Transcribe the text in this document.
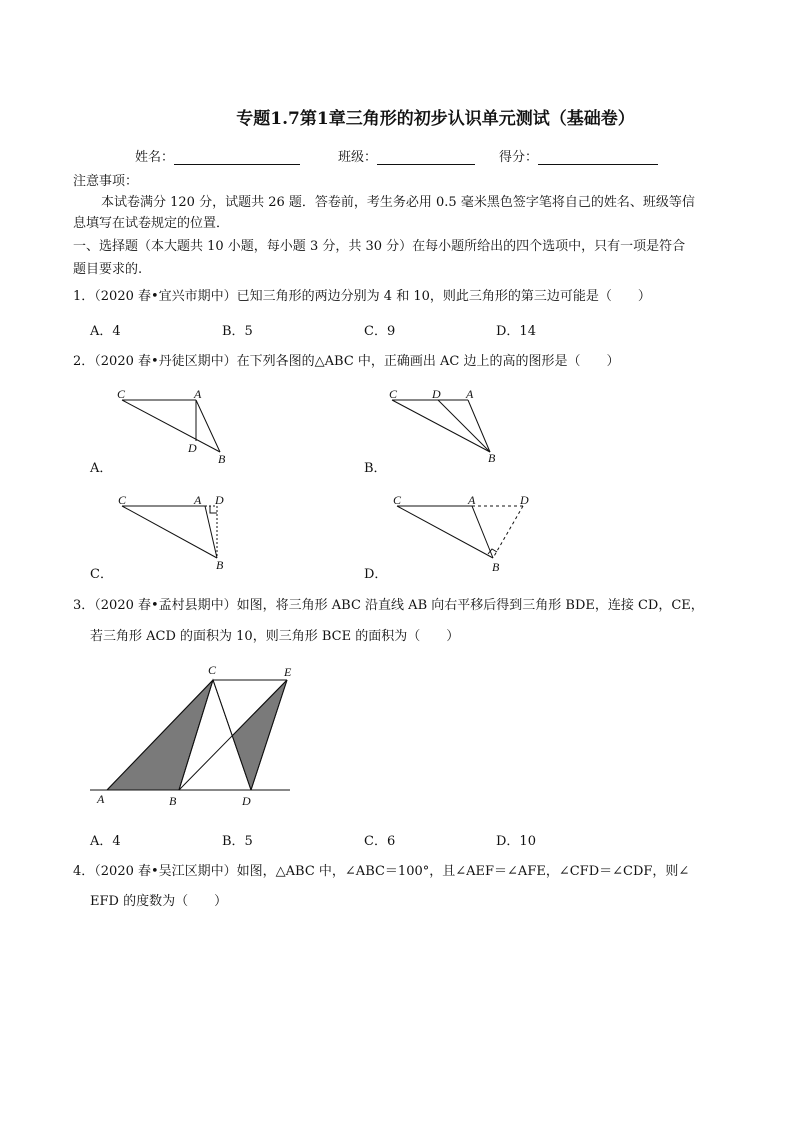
专题1.7第1章三角形的初步认识单元测试（基础卷）
姓名：	班级：	得分：
注意事项：
本试卷满分 120 分，试题共 26 题．答卷前，考生务必用 0.5 毫米黑色签字笔将自己的姓名、班级等信
息填写在试卷规定的位置．
一、选择题（本大题共 10 小题，每小题 3 分，共 30 分）在每小题所给出的四个选项中，只有一项是符合
题目要求的.
1．（2020 春•宜兴市期中）已知三角形的两边分别为 4 和 10，则此三角形的第三边可能是（　　）
A．4	B．5	C．9	D．14
2．（2020 春•丹徒区期中）在下列各图的△ABC 中，正确画出 AC 边上的高的图形是（　　）
C	A
D
B
A．
C	D A
B
B．
C	A D
B
C．
C	A	D
B
D．
3．（2020 春•孟村县期中）如图，将三角形 ABC 沿直线 AB 向右平移后得到三角形 BDE，连接 CD，CE，
若三角形 ACD 的面积为 10，则三角形 BCE 的面积为（　　）
C	E
A	B	D
A．4	B．5	C．6	D．10
4．（2020 春•吴江区期中）如图，△ABC 中，∠ABC＝100°，且∠AEF＝∠AFE，∠CFD＝∠CDF，则∠
EFD 的度数为（　　）
